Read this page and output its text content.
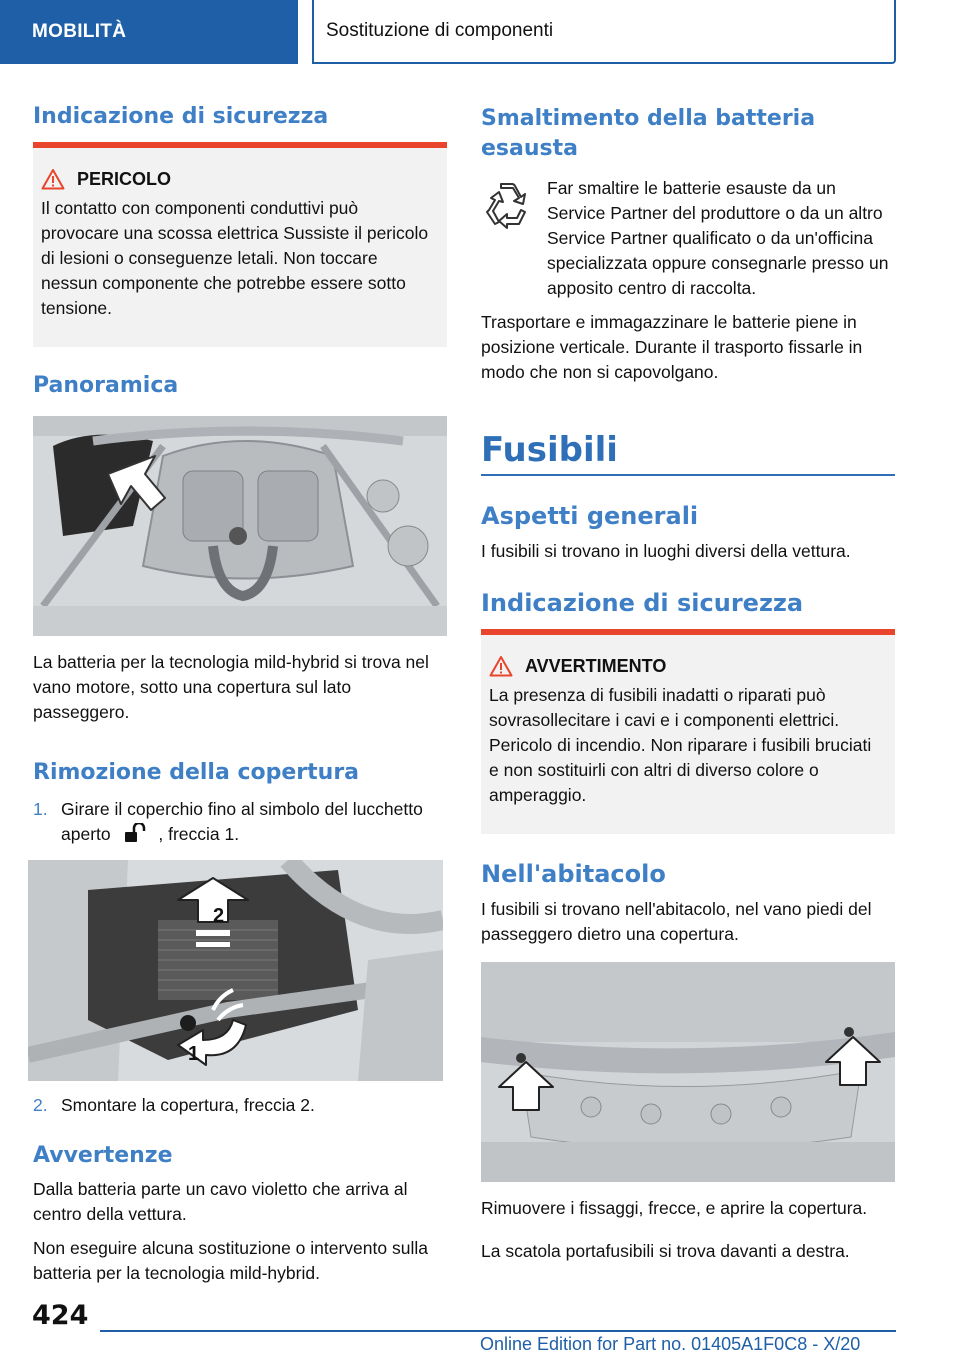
MOBILITÀ	Sostituzione di componenti
Indicazione di sicurezza
PERICOLO
Il contatto con componenti conduttivi può provocare una scossa elettrica Sussiste il pericolo di lesioni o conseguenze letali. Non toccare nessun componente che potrebbe essere sotto tensione.
Panoramica
La batteria per la tecnologia mild-hybrid si trova nel vano motore, sotto una copertura sul lato passeggero.
Rimozione della copertura
1. Girare il coperchio fino al simbolo del lucchetto aperto	, freccia 1.
2
1
2. Smontare la copertura, freccia 2.
Avvertenze
Dalla batteria parte un cavo violetto che arriva al centro della vettura.
Non eseguire alcuna sostituzione o intervento sulla batteria per la tecnologia mild-hybrid.
Smaltimento della batteria esausta
Far smaltire le batterie esauste da un Service Partner del produttore o da un altro Service Partner qualificato o da un'officina specializzata oppure consegnarle presso un apposito centro di raccolta.
Trasportare e immagazzinare le batterie piene in posizione verticale. Durante il trasporto fissarle in modo che non si capovolgano.
Fusibili
Aspetti generali
I fusibili si trovano in luoghi diversi della vettura.
Indicazione di sicurezza
AVVERTIMENTO
La presenza di fusibili inadatti o riparati può sovrasollecitare i cavi e i componenti elettrici. Pericolo di incendio. Non riparare i fusibili bruciati e non sostituirli con altri di diverso colore o amperaggio.
Nell'abitacolo
I fusibili si trovano nell'abitacolo, nel vano piedi del passeggero dietro una copertura.
Rimuovere i fissaggi, frecce, e aprire la copertura.
La scatola portafusibili si trova davanti a destra.
424
Online Edition for Part no. 01405A1F0C8 - X/20
